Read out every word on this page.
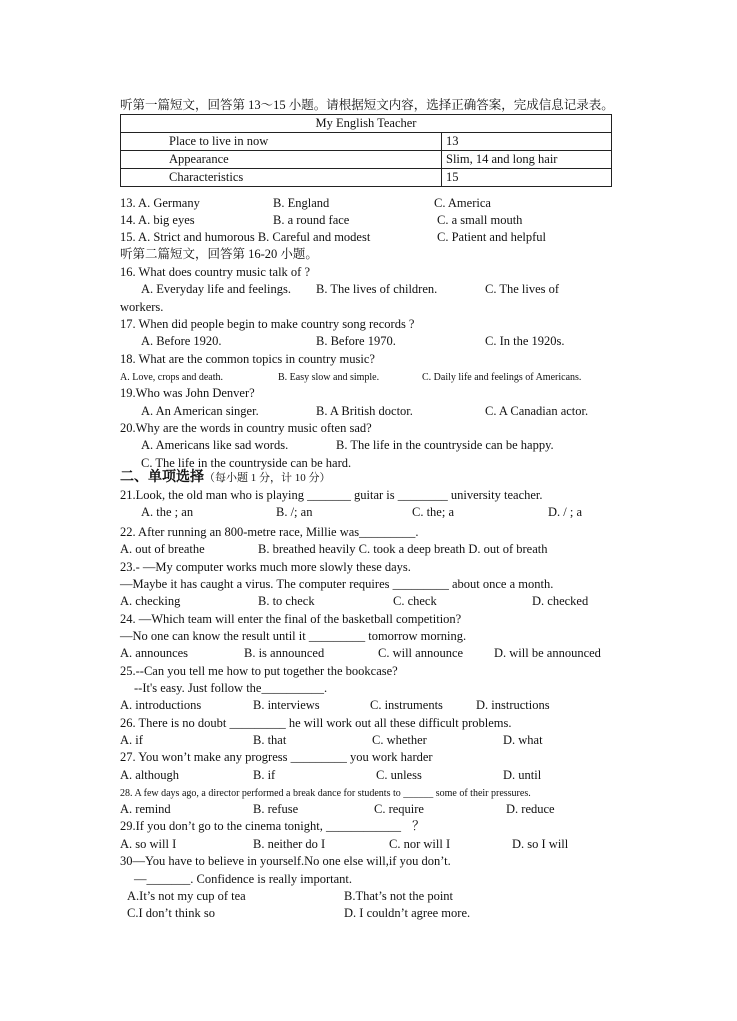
听第一篇短文，回答第 13～15 小题。请根据短文内容，选择正确答案，完成信息记录表。
My English Teacher	
Place to live in now	13
Appearance	Slim, 14 and long hair
Characteristics	15
13. A. Germany	B. England	C. America
14. A. big eyes	B. a round face	C. a small mouth
15. A. Strict and humorous B. Careful and modest	C. Patient and helpful
听第二篇短文，回答第 16-20 小题。
16. What does country music talk of ?
A. Everyday life and feelings. B. The lives of children.	C. The lives of
workers.
17. When did people begin to make country song records ?
A. Before 1920.	B. Before 1970.	C. In the 1920s.
18. What are the common topics in country music?
A. Love, crops and death.	B. Easy slow and simple.	C. Daily life and feelings of Americans.
19.Who was John Denver?
A. An American singer.	B. A British doctor.	C. A Canadian actor.
20.Why are the words in country music often sad?
A. Americans like sad words.	B. The life in the countryside can be happy.
C. The life in the countryside can be hard.
二、单项选择（每小题 1 分，计 10 分）
21.Look, the old man who is playing _______ guitar is ________ university teacher.
A. the ; an	B. /; an	C. the; a	D. / ; a
22. After running an 800-metre race, Millie was_________.
A. out of breathe	B. breathed heavily C. took a deep breath D. out of breath
23.- —My computer works much more slowly these days.
—Maybe it has caught a virus. The computer requires _________ about once a month.
A. checking	B. to check	C. check	D. checked
24. —Which team will enter the final of the basketball competition?
—No one can know the result until it _________ tomorrow morning.
A. announces	B. is announced	C. will announce D. will be announced
25.--Can you tell me how to put together the bookcase?
--It's easy. Just follow the__________.
A. introductions	B. interviews	C. instruments	D. instructions
26. There is no doubt _________ he will work out all these difficult problems.
A. if	B. that	C. whether	D. what
27. You won’t make any progress _________ you work harder
A. although	B. if	C. unless	D. until
28. A few days ago, a director performed a break dance for students to ______ some of their pressures.
A. remind	B. refuse	C. require	D. reduce
29.If you don’t go to the cinema tonight, ____________ ？
A. so will I	B. neither do I	C. nor will I	D. so I will
30—You have to believe in yourself.No one else will,if you don’t.
—_______. Confidence is really important.
A.It’s not my cup of tea	B.That’s not the point
C.I don’t think so	D. I couldn’t agree more.
